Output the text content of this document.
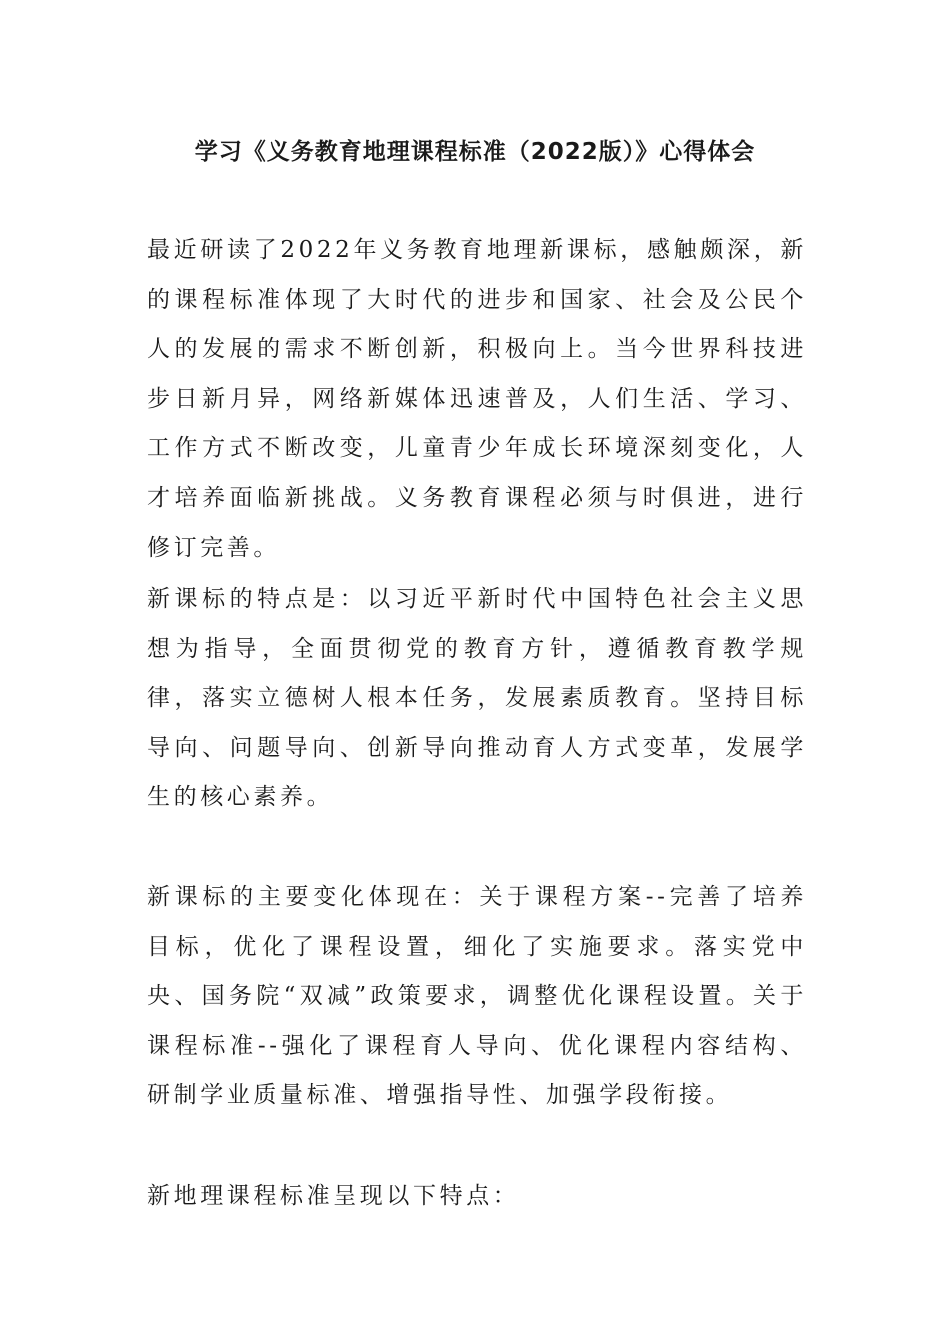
学习《义务教育地理课程标准（2022版）》心得体会

最近研读了2022年义务教育地理新课标，感触颇深，新的课程标准体现了大时代的进步和国家、社会及公民个人的发展的需求不断创新，积极向上。当今世界科技进步日新月异，网络新媒体迅速普及，人们生活、学习、工作方式不断改变，儿童青少年成长环境深刻变化，人才培养面临新挑战。义务教育课程必须与时俱进，进行修订完善。

新课标的特点是：以习近平新时代中国特色社会主义思想为指导，全面贯彻党的教育方针，遵循教育教学规律，落实立德树人根本任务，发展素质教育。坚持目标导向、问题导向、创新导向推动育人方式变革，发展学生的核心素养。

新课标的主要变化体现在：关于课程方案--完善了培养目标，优化了课程设置，细化了实施要求。落实党中央、国务院“双减”政策要求，调整优化课程设置。关于课程标准--强化了课程育人导向、优化课程内容结构、研制学业质量标准、增强指导性、加强学段衔接。

新地理课程标准呈现以下特点：
